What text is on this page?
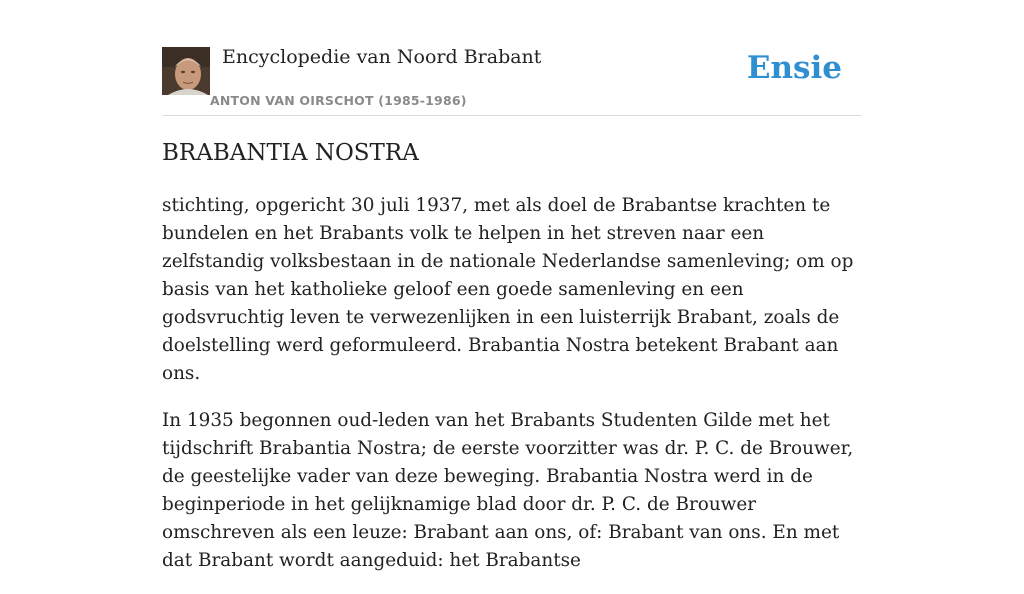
Encyclopedie van Noord Brabant
ANTON VAN OIRSCHOT (1985-1986)
Ensie
BRABANTIA NOSTRA

stichting, opgericht 30 juli 1937, met als doel de Brabantse krachten te bundelen en het Brabants volk te helpen in het streven naar een zelfstandig volksbestaan in de nationale Nederlandse samenleving; om op basis van het katholieke geloof een goede samenleving en een godsvruchtig leven te verwezenlijken in een luisterrijk Brabant, zoals de doelstelling werd geformuleerd. Brabantia Nostra betekent Brabant aan ons.

In 1935 begonnen oud-leden van het Brabants Studenten Gilde met het tijdschrift Brabantia Nostra; de eerste voorzitter was dr. P. C. de Brouwer, de geestelijke vader van deze beweging. Brabantia Nostra werd in de beginperiode in het gelijknamige blad door dr. P. C. de Brouwer omschreven als een leuze: Brabant aan ons, of: Brabant van ons. En met dat Brabant wordt aangeduid: het Brabantse
